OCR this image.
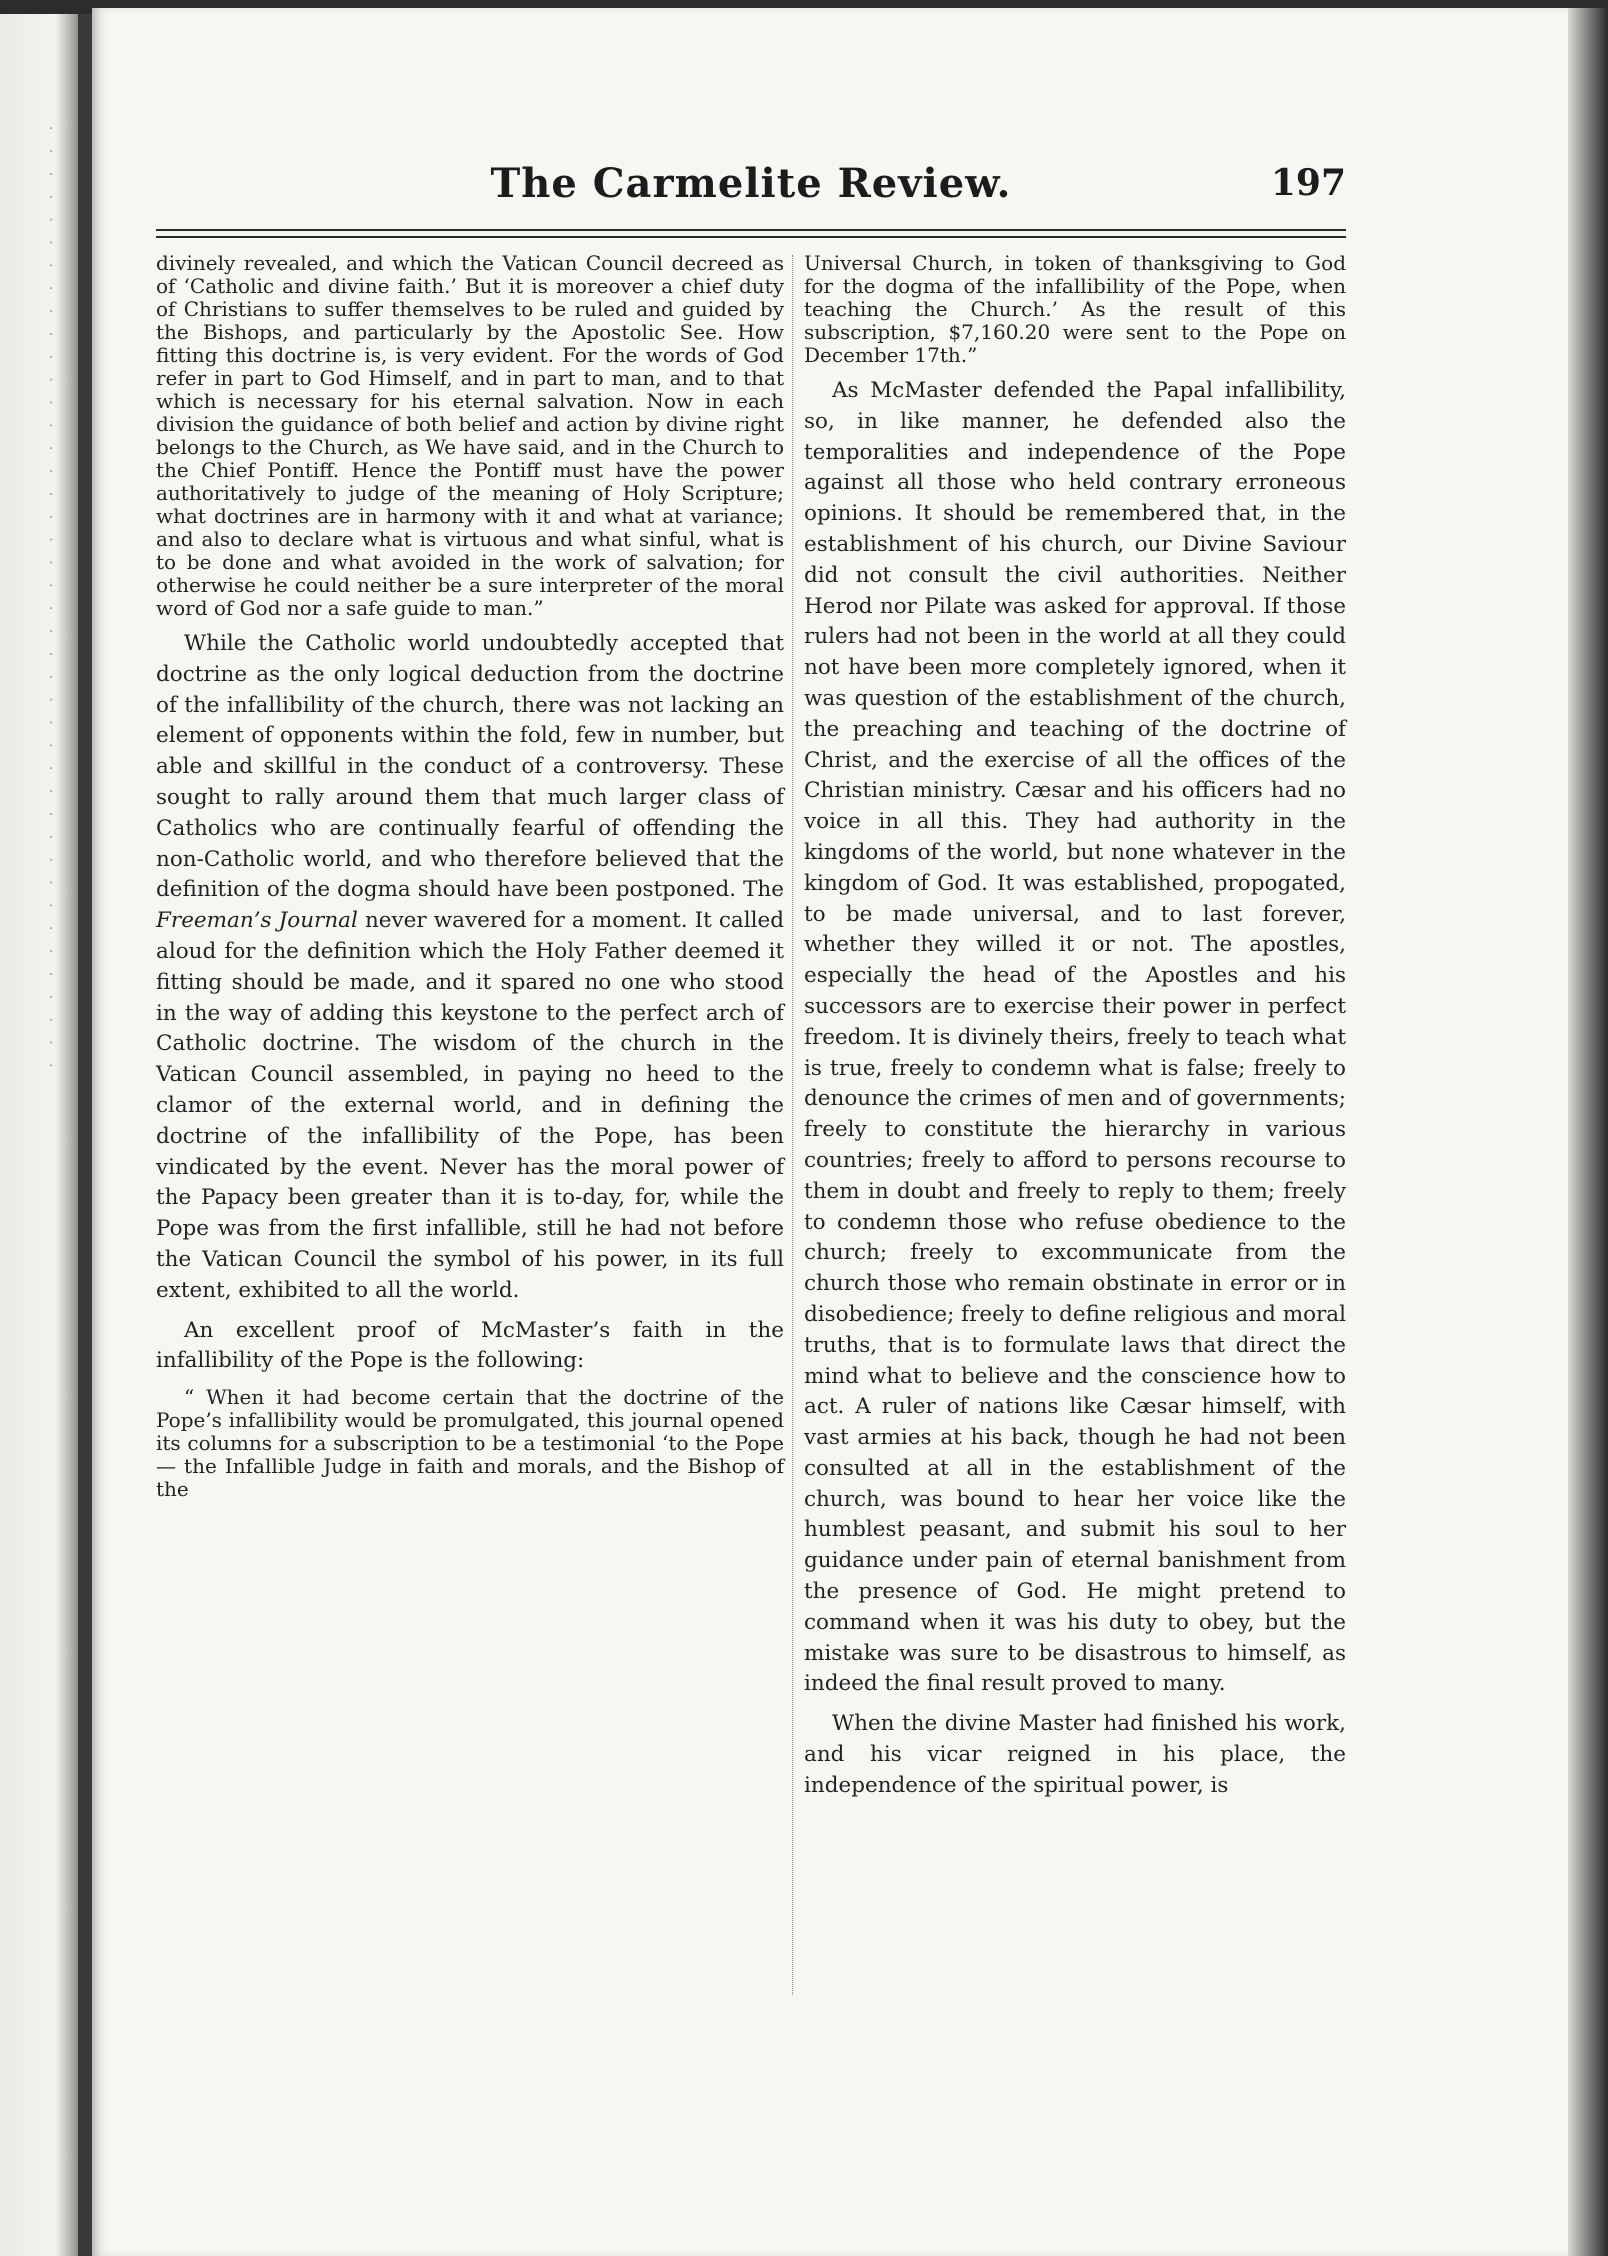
· · · · · · · · · · · · · · · · · · · · · · · · · · · · · · · · · · · · · · · · · ·	The Carmelite Review.	197

divinely revealed, and which the Vatican Council decreed as of ‘Catholic and divine faith.’ But it is moreover a chief duty of Christians to suffer themselves to be ruled and guided by the Bishops, and particularly by the Apostolic See. How fitting this doctrine is, is very evident. For the words of God refer in part to God Himself, and in part to man, and to that which is necessary for his eternal salvation. Now in each division the guidance of both belief and action by divine right belongs to the Church, as We have said, and in the Church to the Chief Pontiff. Hence the Pontiff must have the power authoritatively to judge of the meaning of Holy Scripture; what doctrines are in harmony with it and what at variance; and also to declare what is virtuous and what sinful, what is to be done and what avoided in the work of salvation; for otherwise he could neither be a sure interpreter of the moral word of God nor a safe guide to man.”

While the Catholic world undoubtedly accepted that doctrine as the only logical deduction from the doctrine of the infallibility of the church, there was not lacking an element of opponents within the fold, few in number, but able and skillful in the conduct of a controversy. These sought to rally around them that much larger class of Catholics who are continually fearful of offending the non-Catholic world, and who therefore believed that the definition of the dogma should have been postponed. The Freeman’s Journal never wavered for a moment. It called aloud for the definition which the Holy Father deemed it fitting should be made, and it spared no one who stood in the way of adding this keystone to the perfect arch of Catholic doctrine. The wisdom of the church in the Vatican Council assembled, in paying no heed to the clamor of the external world, and in defining the doctrine of the infallibility of the Pope, has been vindicated by the event. Never has the moral power of the Papacy been greater than it is to-day, for, while the Pope was from the first infallible, still he had not before the Vatican Council the symbol of his power, in its full extent, exhibited to all the world.

An excellent proof of McMaster’s faith in the infallibility of the Pope is the following:

“ When it had become certain that the doctrine of the Pope’s infallibility would be promulgated, this journal opened its columns for a subscription to be a testimonial ‘to the Pope — the Infallible Judge in faith and morals, and the Bishop of the

Universal Church, in token of thanksgiving to God for the dogma of the infallibility of the Pope, when teaching the Church.’ As the result of this subscription, $7,160.20 were sent to the Pope on December 17th.”

As McMaster defended the Papal infallibility, so, in like manner, he defended also the temporalities and independence of the Pope against all those who held contrary erroneous opinions. It should be remembered that, in the establishment of his church, our Divine Saviour did not consult the civil authorities. Neither Herod nor Pilate was asked for approval. If those rulers had not been in the world at all they could not have been more completely ignored, when it was question of the establishment of the church, the preaching and teaching of the doctrine of Christ, and the exercise of all the offices of the Christian ministry. Cæsar and his officers had no voice in all this. They had authority in the kingdoms of the world, but none whatever in the kingdom of God. It was established, propogated, to be made universal, and to last forever, whether they willed it or not. The apostles, especially the head of the Apostles and his successors are to exercise their power in perfect freedom. It is divinely theirs, freely to teach what is true, freely to condemn what is false; freely to denounce the crimes of men and of governments; freely to constitute the hierarchy in various countries; freely to afford to persons recourse to them in doubt and freely to reply to them; freely to condemn those who refuse obedience to the church; freely to excommunicate from the church those who remain obstinate in error or in disobedience; freely to define religious and moral truths, that is to formulate laws that direct the mind what to believe and the conscience how to act. A ruler of nations like Cæsar himself, with vast armies at his back, though he had not been consulted at all in the establishment of the church, was bound to hear her voice like the humblest peasant, and submit his soul to her guidance under pain of eternal banishment from the presence of God. He might pretend to command when it was his duty to obey, but the mistake was sure to be disastrous to himself, as indeed the final result proved to many.

When the divine Master had finished his work, and his vicar reigned in his place, the independence of the spiritual power, is
